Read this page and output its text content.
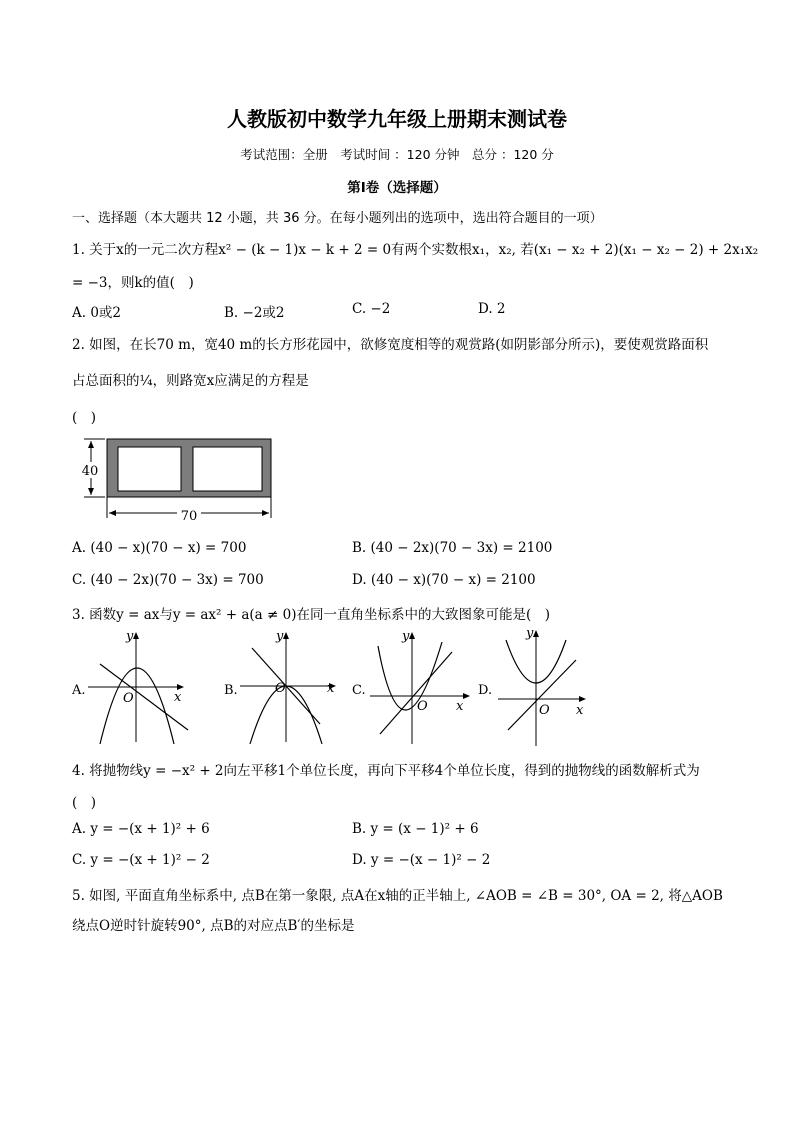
人教版初中数学九年级上册期末测试卷
考试范围：全册　考试时间 ：120 分钟　总分 ：120 分
第Ⅰ卷（选择题）
一、选择题（本大题共 12 小题，共 36 分。在每小题列出的选项中，选出符合题目的一项）
1. 关于x的一元二次方程x² − (k − 1)x − k + 2 = 0有两个实数根x₁，x₂, 若(x₁ − x₂ + 2)(x₁ − x₂ − 2) + 2x₁x₂
= −3，则k的值(　)
A. 0或2	B. −2或2	C. −2	D. 2
2. 如图，在长70 m，宽40 m的长方形花园中，欲修宽度相等的观赏路(如阴影部分所示)，要使观赏路面积
占总面积的¼，则路宽x应满足的方程是
(　)
40
70
A. (40 − x)(70 − x) = 700	B. (40 − 2x)(70 − 3x) = 2100
C. (40 − 2x)(70 − 3x) = 700	D. (40 − x)(70 − x) = 2100
3. 函数y = ax与y = ax² + a(a ≠ 0)在同一直角坐标系中的大致图象可能是(　)
A.	x
y
O
B.	x
y
O	C.
x
y
O
D.
x
y
O
4. 将抛物线y = −x² + 2向左平移1个单位长度，再向下平移4个单位长度，得到的抛物线的函数解析式为
(　)
A. y = −(x + 1)² + 6	B. y = (x − 1)² + 6
C. y = −(x + 1)² − 2	D. y = −(x − 1)² − 2
5. 如图, 平面直角坐标系中, 点B在第一象限, 点A在x轴的正半轴上, ∠AOB = ∠B = 30°, OA = 2, 将△AOB
绕点O逆时针旋转90°, 点B的对应点B′的坐标是
